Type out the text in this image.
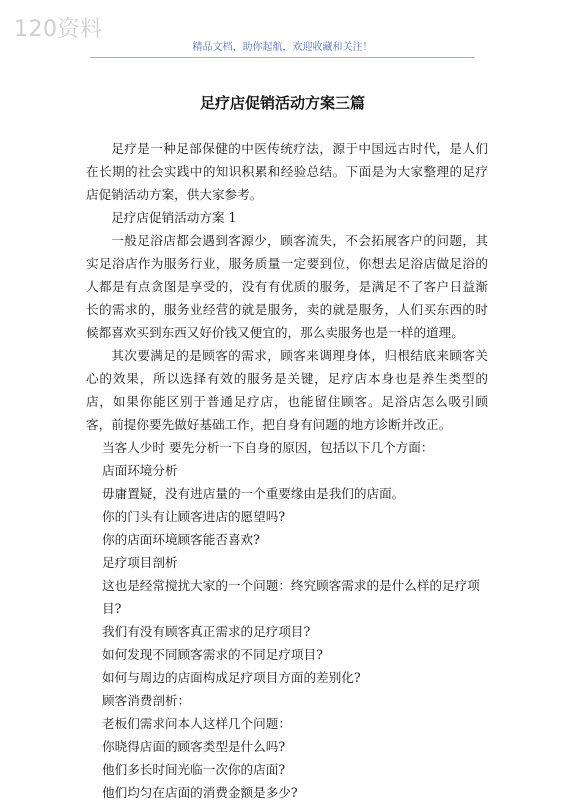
120资料
精品文档，助你起航，欢迎收藏和关注！
足疗店促销活动方案三篇

足疗是一种足部保健的中医传统疗法，源于中国远古时代，是人们在长期的社会实践中的知识积累和经验总结。下面是为大家整理的足疗店促销活动方案，供大家参考。

足疗店促销活动方案 1

一般足浴店都会遇到客源少，顾客流失，不会拓展客户的问题，其实足浴店作为服务行业，服务质量一定要到位，你想去足浴店做足浴的人都是有点贪图是享受的，没有有优质的服务，是满足不了客户日益渐长的需求的，服务业经营的就是服务，卖的就是服务，人们买东西的时候都喜欢买到东西又好价钱又便宜的，那么卖服务也是一样的道理。

其次要满足的是顾客的需求，顾客来调理身体，归根结底来顾客关心的效果，所以选择有效的服务是关键，足疗店本身也是养生类型的店，如果你能区别于普通足疗店，也能留住顾客。足浴店怎么吸引顾客，前提你要先做好基础工作，把自身有问题的地方诊断并改正。

当客人少时 要先分析一下自身的原因，包括以下几个方面：

店面环境分析

毋庸置疑，没有进店量的一个重要缘由是我们的店面。

你的门头有让顾客进店的愿望吗?

你的店面环境顾客能否喜欢?

足疗项目剖析

这也是经常搅扰大家的一个问题：终究顾客需求的是什么样的足疗项目?

我们有没有顾客真正需求的足疗项目?

如何发现不同顾客需求的不同足疗项目?

如何与周边的店面构成足疗项目方面的差别化?

顾客消费剖析：

老板们需求问本人这样几个问题：

你晓得店面的顾客类型是什么吗?

他们多长时间光临一次你的店面?

他们均匀在店面的消费金额是多少?
